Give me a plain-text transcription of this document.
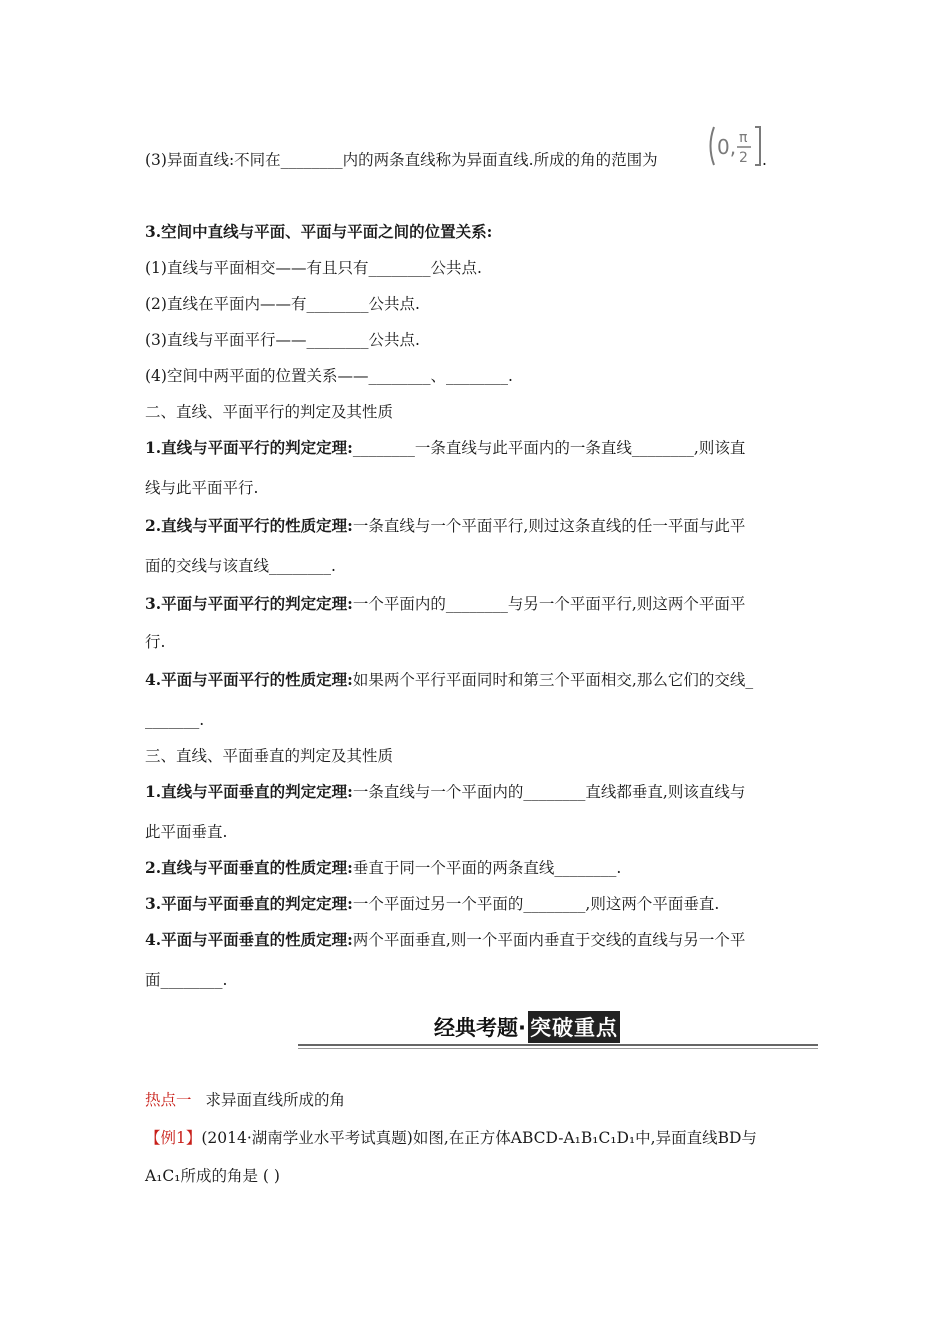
(3)异面直线:不同在________内的两条直线称为异面直线.所成的角的范围为
0, π
2 .
3.空间中直线与平面、平面与平面之间的位置关系:
(1)直线与平面相交——有且只有________公共点.
(2)直线在平面内——有________公共点.
(3)直线与平面平行——________公共点.
(4)空间中两平面的位置关系——________、________.
二、直线、平面平行的判定及其性质
1.直线与平面平行的判定定理:________一条直线与此平面内的一条直线________,则该直
线与此平面平行.
2.直线与平面平行的性质定理:一条直线与一个平面平行,则过这条直线的任一平面与此平
面的交线与该直线________.
3.平面与平面平行的判定定理:一个平面内的________与另一个平面平行,则这两个平面平
行.
4.平面与平面平行的性质定理:如果两个平行平面同时和第三个平面相交,那么它们的交线_
_______.
三、直线、平面垂直的判定及其性质
1.直线与平面垂直的判定定理:一条直线与一个平面内的________直线都垂直,则该直线与
此平面垂直.
2.直线与平面垂直的性质定理:垂直于同一个平面的两条直线________.
3.平面与平面垂直的判定定理:一个平面过另一个平面的________,则这两个平面垂直.
4.平面与平面垂直的性质定理:两个平面垂直,则一个平面内垂直于交线的直线与另一个平
面________.
经典考题· 突破重点
热点一 求异面直线所成的角
【例1】(2014·湖南学业水平考试真题)如图,在正方体ABCD-A₁B₁C₁D₁中,异面直线BD与
A₁C₁所成的角是 ( )
